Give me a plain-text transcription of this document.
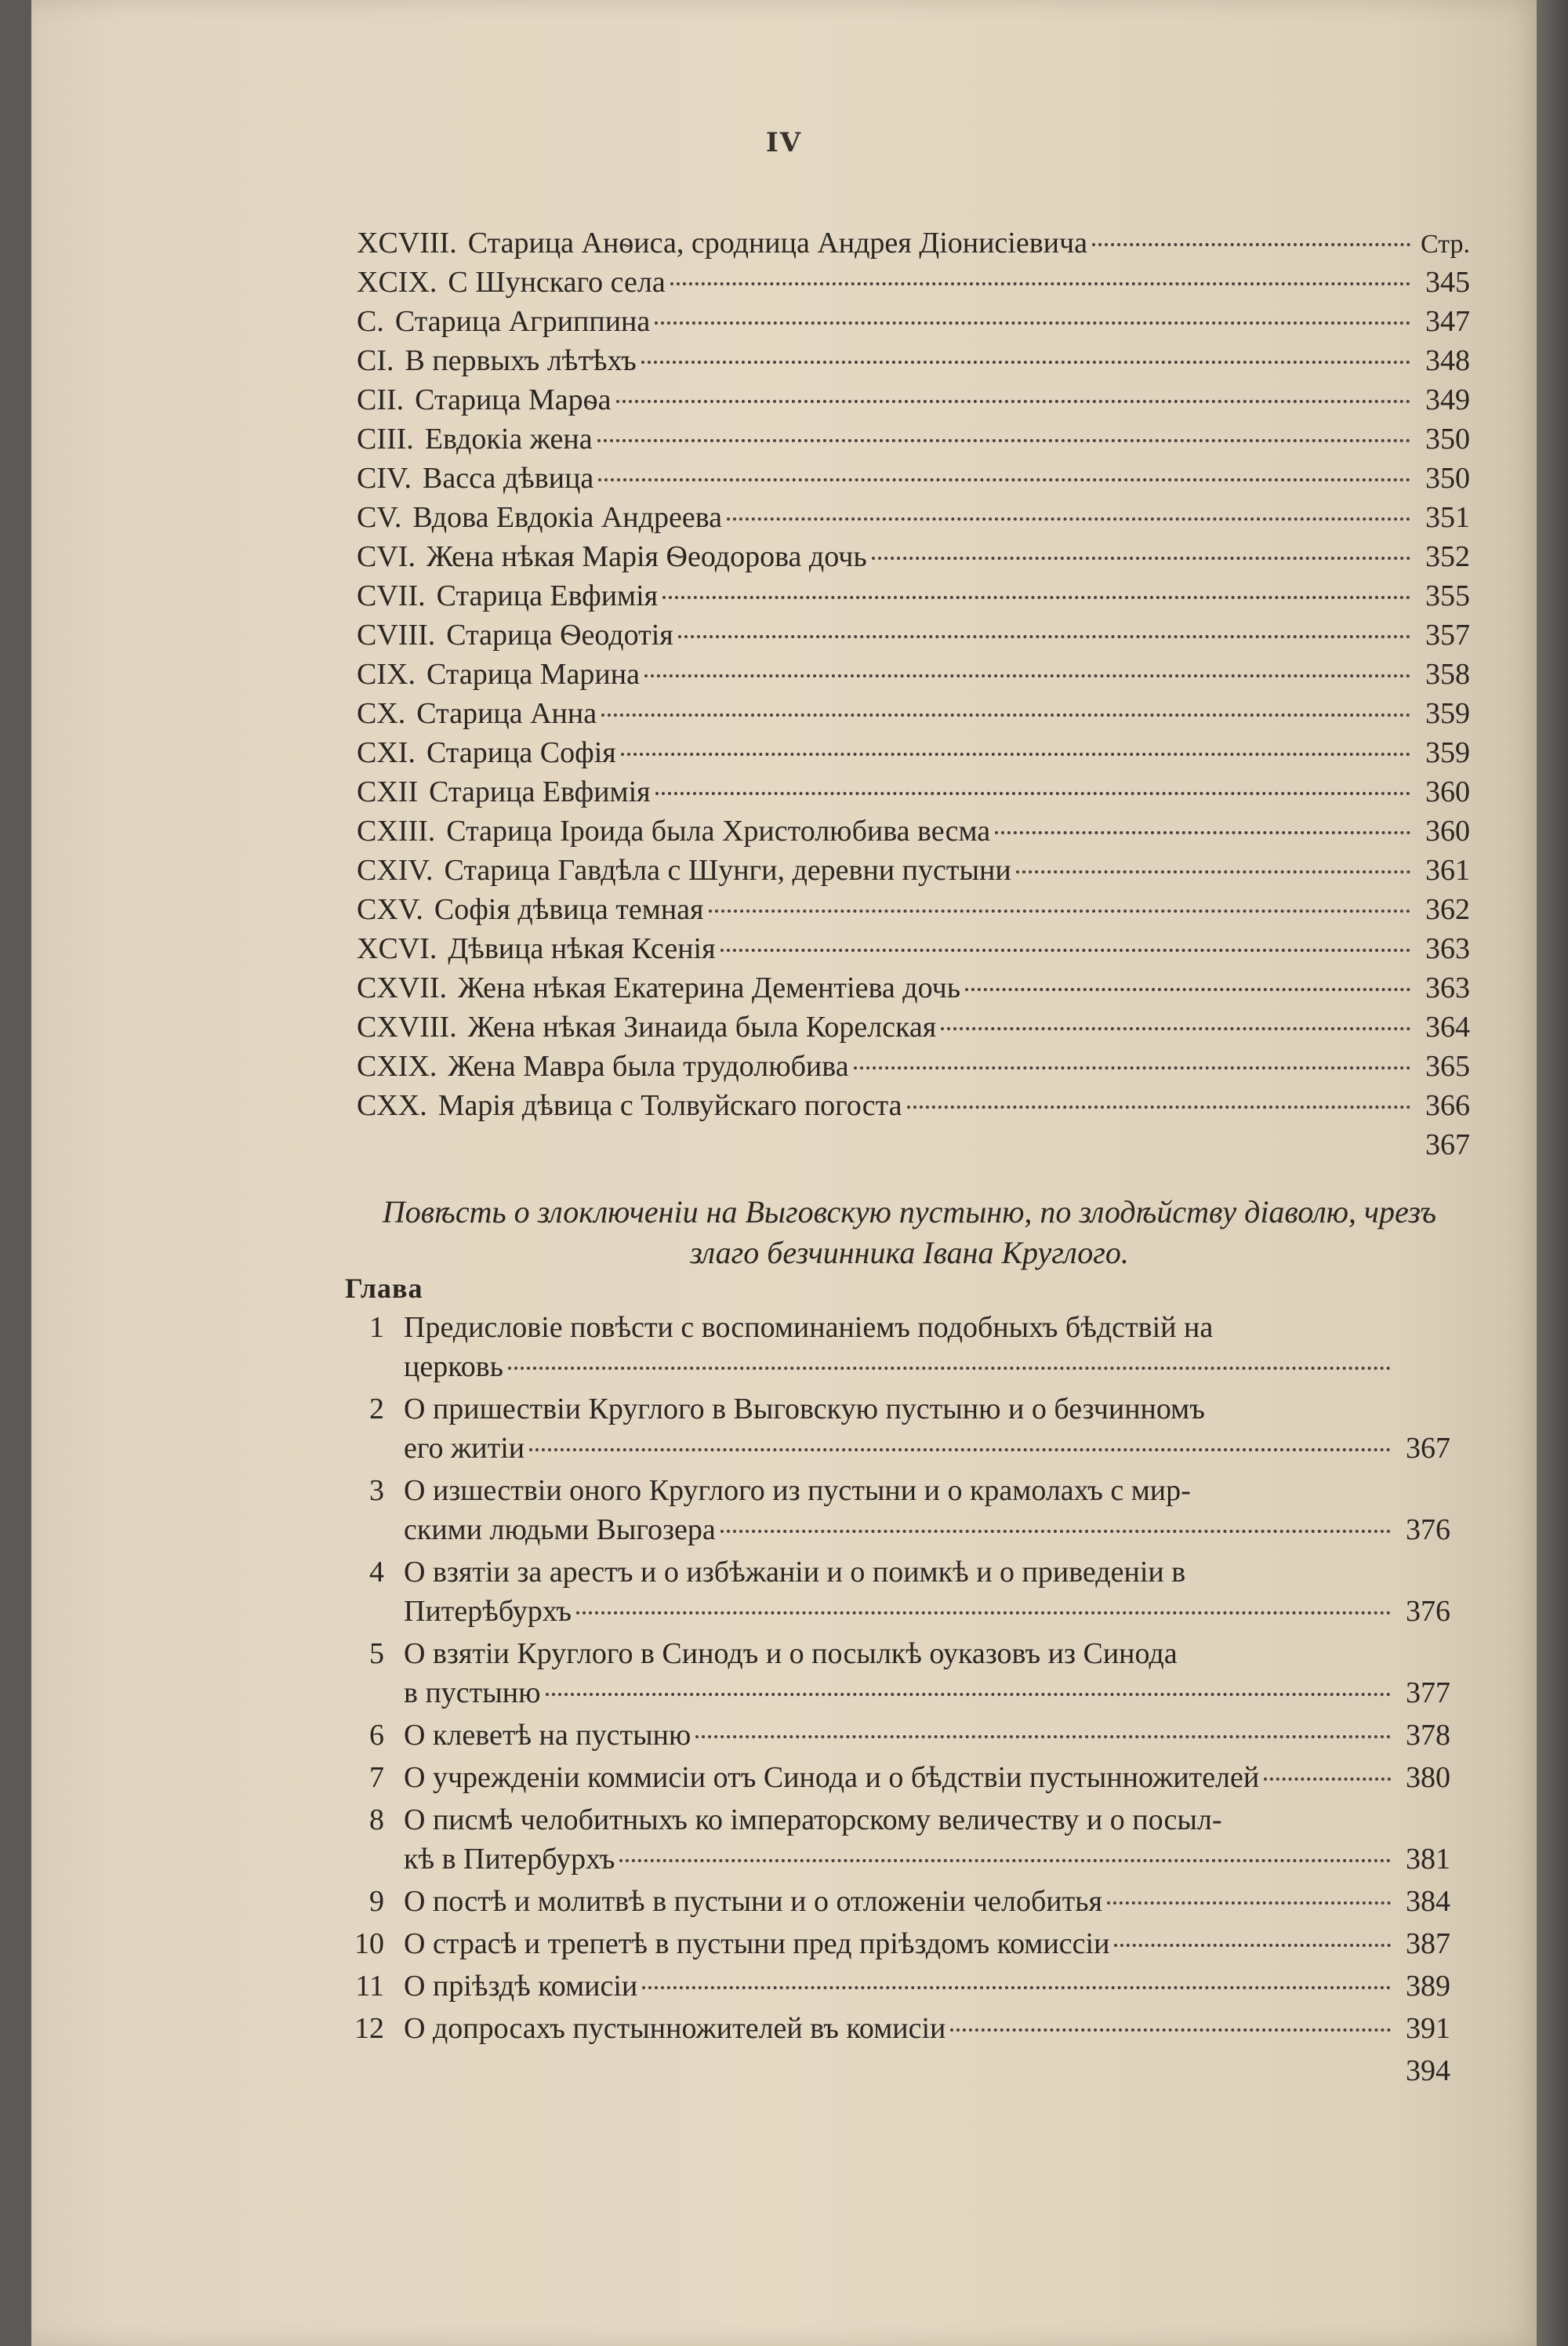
IV
XCVIII. Старица Анѳиса, сродница Андрея Діонисіевича	Стр.
XCIX. С Шунскаго села	345
C. Старица Агриппина	347
CI. В первыхъ лѣтѣхъ	348
CII. Старица Марѳа	349
CIII. Евдокіа жена	350
CIV. Васса дѣвица	350
CV. Вдова Евдокіа Андреева	351
CVI. Жена нѣкая Марія Ѳеодорова дочь	352
CVII. Старица Евфимія	355
CVIII. Старица Ѳеодотія	357
CIX. Старица Марина	358
CX. Старица Анна	359
CXI. Старица Софія	359
CXII Старица Евфимія	360
CXIII. Старица Іроида была Христолюбива весма	360
CXIV. Старица Гавдѣла с Шунги, деревни пустыни	361
CXV. Софія дѣвица темная	362
XCVI. Дѣвица нѣкая Ксенія	363
CXVII. Жена нѣкая Екатерина Дементіева дочь	363
CXVIII. Жена нѣкая Зинаида была Корелская	364
CXIX. Жена Мавра была трудолюбива	365
CXX. Марія дѣвица с Толвуйскаго погоста	366
367
Повѣсть о злоключеніи на Выговскую пустыню, по злодѣйству діаволю, чрезъ злаго безчинника Івана Круглого.
Глава
1 Предисловіе повѣсти с воспоминаніемъ подобныхъ бѣдствій на
церковь
2 О пришествіи Круглого в Выговскую пустыню и о безчинномъ
его житіи	367
3 О изшествіи оного Круглого из пустыни и о крамолахъ с мир-
скими людьми Выгозера	376
4 О взятіи за арестъ и о избѣжаніи и о поимкѣ и о приведеніи в
Питерѣбурхъ	376
5 О взятіи Круглого в Синодъ и о посылкѣ оуказовъ из Синода
в пустыню	377
6 О клеветѣ на пустыню	378
7 О учрежденіи коммисіи отъ Синода и о бѣдствіи пустынножителей	380
8 О писмѣ челобитныхъ ко імператорскому величеству и о посыл-
кѣ в Питербурхъ	381
9 О постѣ и молитвѣ в пустыни и о отложеніи челобитья	384
10 О страсѣ и трепетѣ в пустыни пред пріѣздомъ комиссіи	387
11 О пріѣздѣ комисіи	389
12 О допросахъ пустынножителей въ комисіи	391
394
